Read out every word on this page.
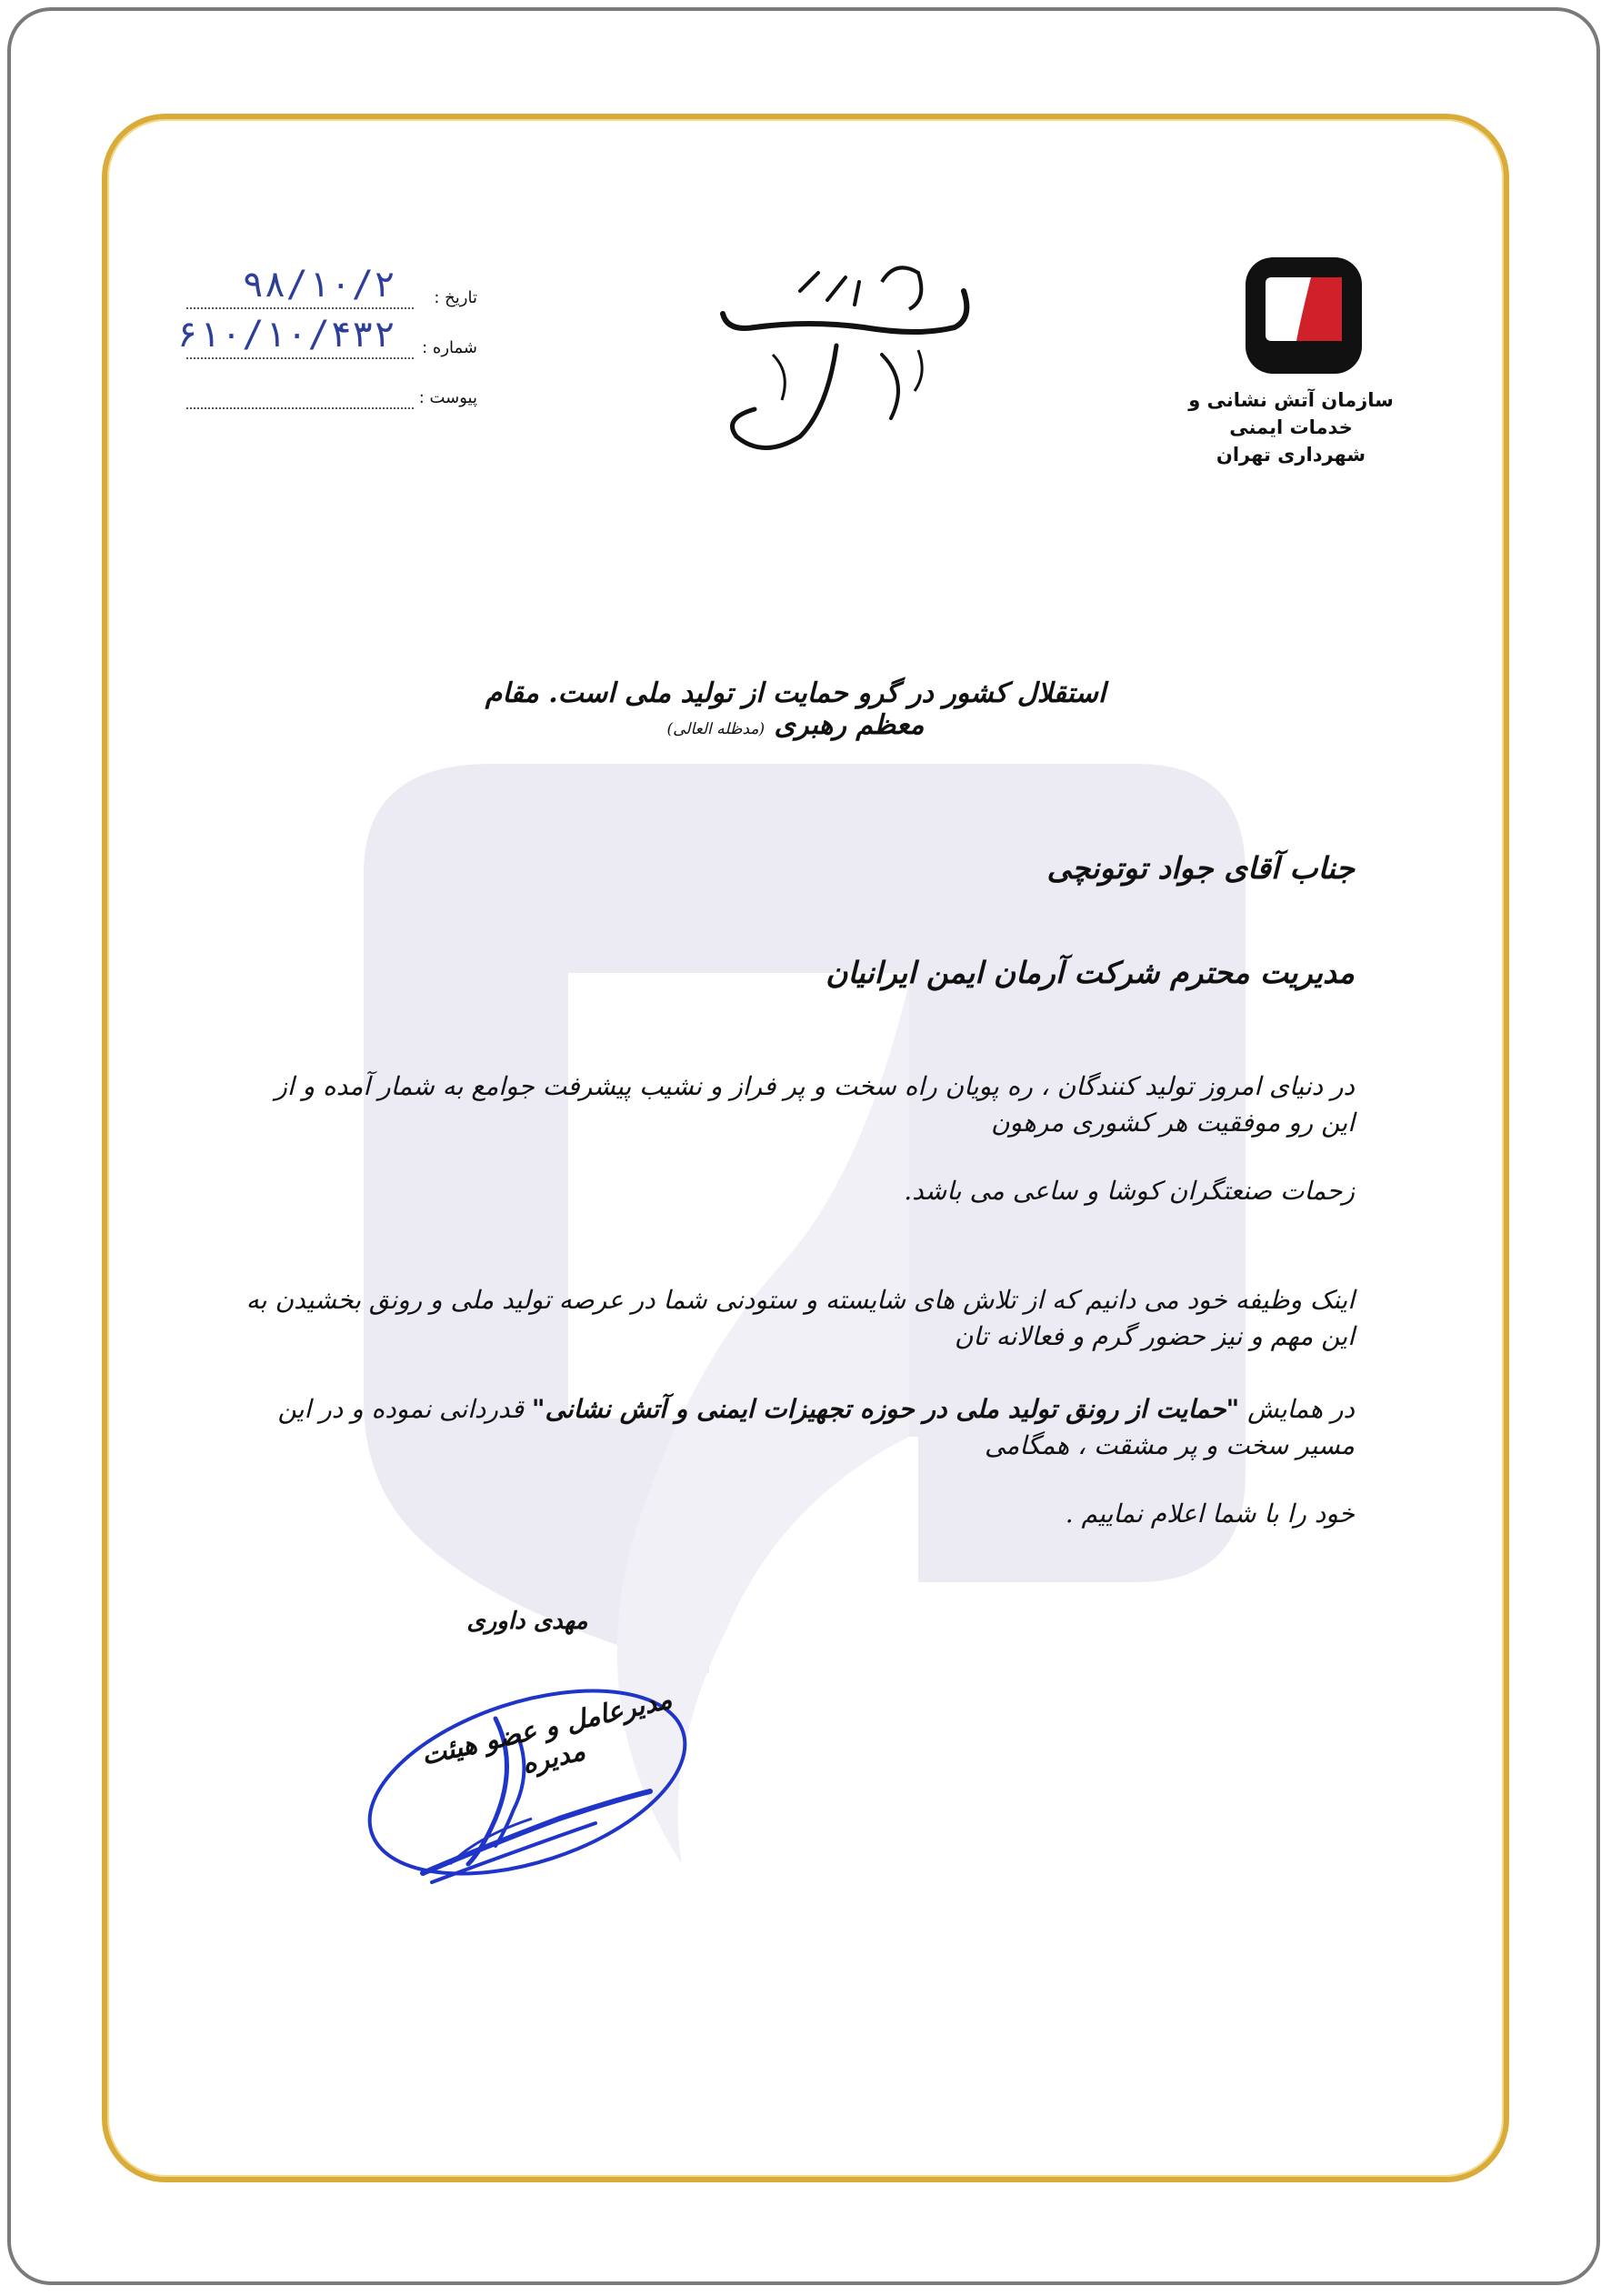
سازمان آتش نشانی و خدمات ایمنی
شهرداری تهران
تاریخ :
۹۸/۱۰/۲
شماره :
۶۱۰/۱۰/۴۳۲
پیوست :
استقلال کشور در گرو حمایت از تولید ملی است. مقام معظم رهبری (مدظله العالی)
جناب آقای جواد توتونچی
مدیریت محترم شرکت آرمان ایمن ایرانیان
در دنیای امروز تولید کنندگان ، ره پویان راه سخت و پر فراز و نشیب پیشرفت جوامع به شمار آمده و از این رو موفقیت هر کشوری مرهون
زحمات صنعتگران کوشا و ساعی می باشد.
اینک وظیفه خود می دانیم که از تلاش های شایسته و ستودنی شما در عرصه تولید ملی و رونق بخشیدن به این مهم و نیز حضور گرم و فعالانه تان
در همایش "حمایت از رونق تولید ملی در حوزه تجهیزات ایمنی و آتش نشانی" قدردانی نموده و در این مسیر سخت و پر مشقت ، همگامی
خود را با شما اعلام نماییم .
مهدی داوری
مدیرعامل و عضو هیئت مدیره
